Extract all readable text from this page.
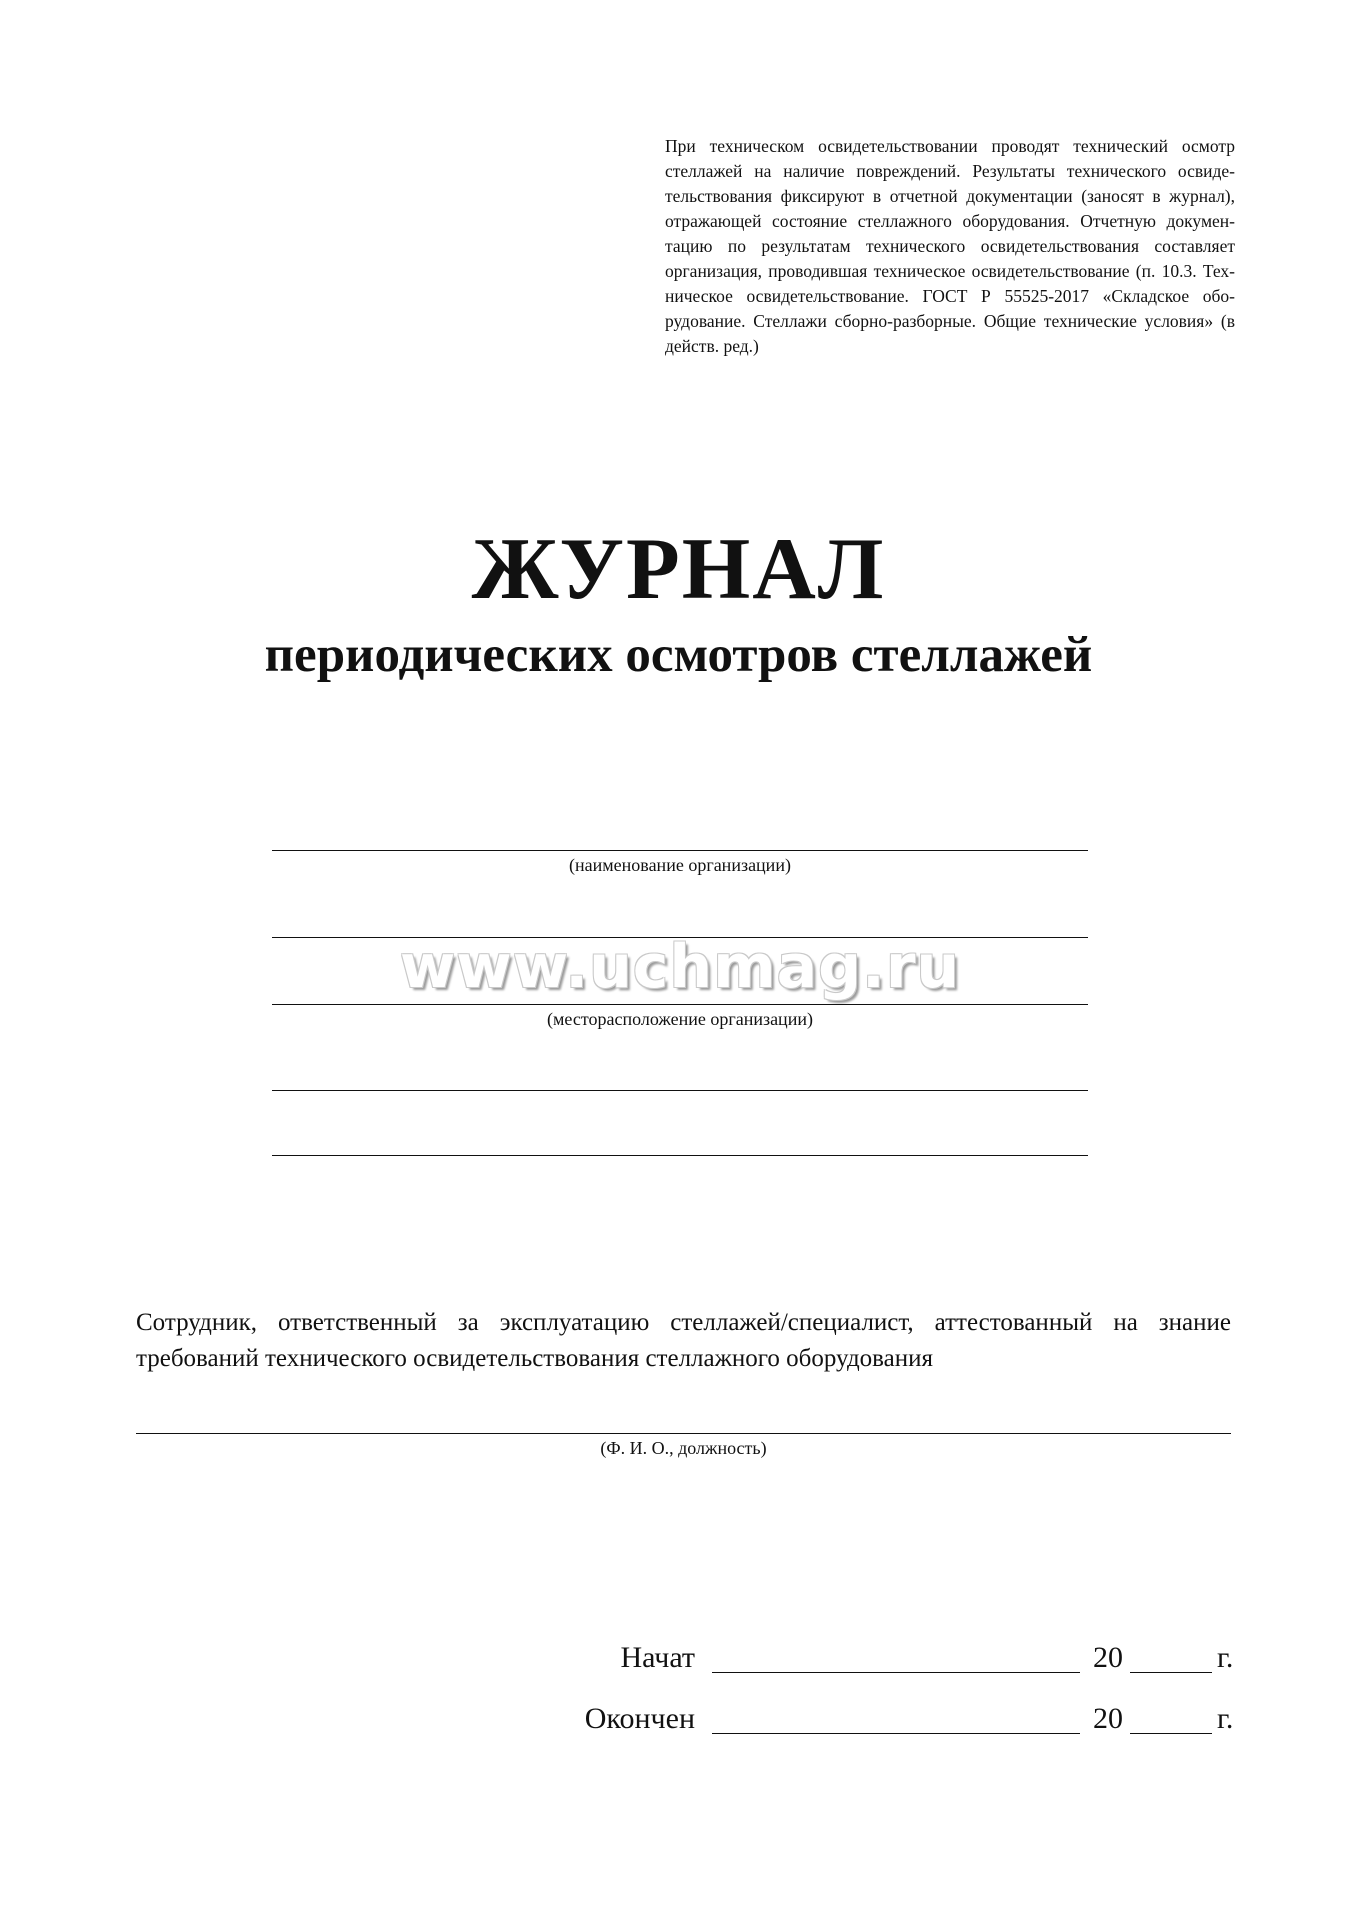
При техническом освидетельствовании проводят технический осмотр стеллажей на наличие повреждений. Результаты технического освидетельствования фиксируют в отчетной документации (заносят в журнал), отражающей состояние стеллажного оборудования. Отчетную документацию по результатам технического освидетельствования составляет организация, проводившая техническое освидетельствование (п. 10.3. Техническое освидетельствование. ГОСТ Р 55525-2017 «Складское оборудование. Стеллажи сборно-разборные. Общие технические условия» (в действ. ред.)
ЖУРНАЛ
периодических осмотров стеллажей
(наименование организации)
www.uchmag.ru
(месторасположение организации)
Сотрудник, ответственный за эксплуатацию стеллажей/специалист, аттестованный на знание требований технического освидетельствования стеллажного оборудования
(Ф. И. О., должность)
Начат	20	г.
Окончен	20	г.
